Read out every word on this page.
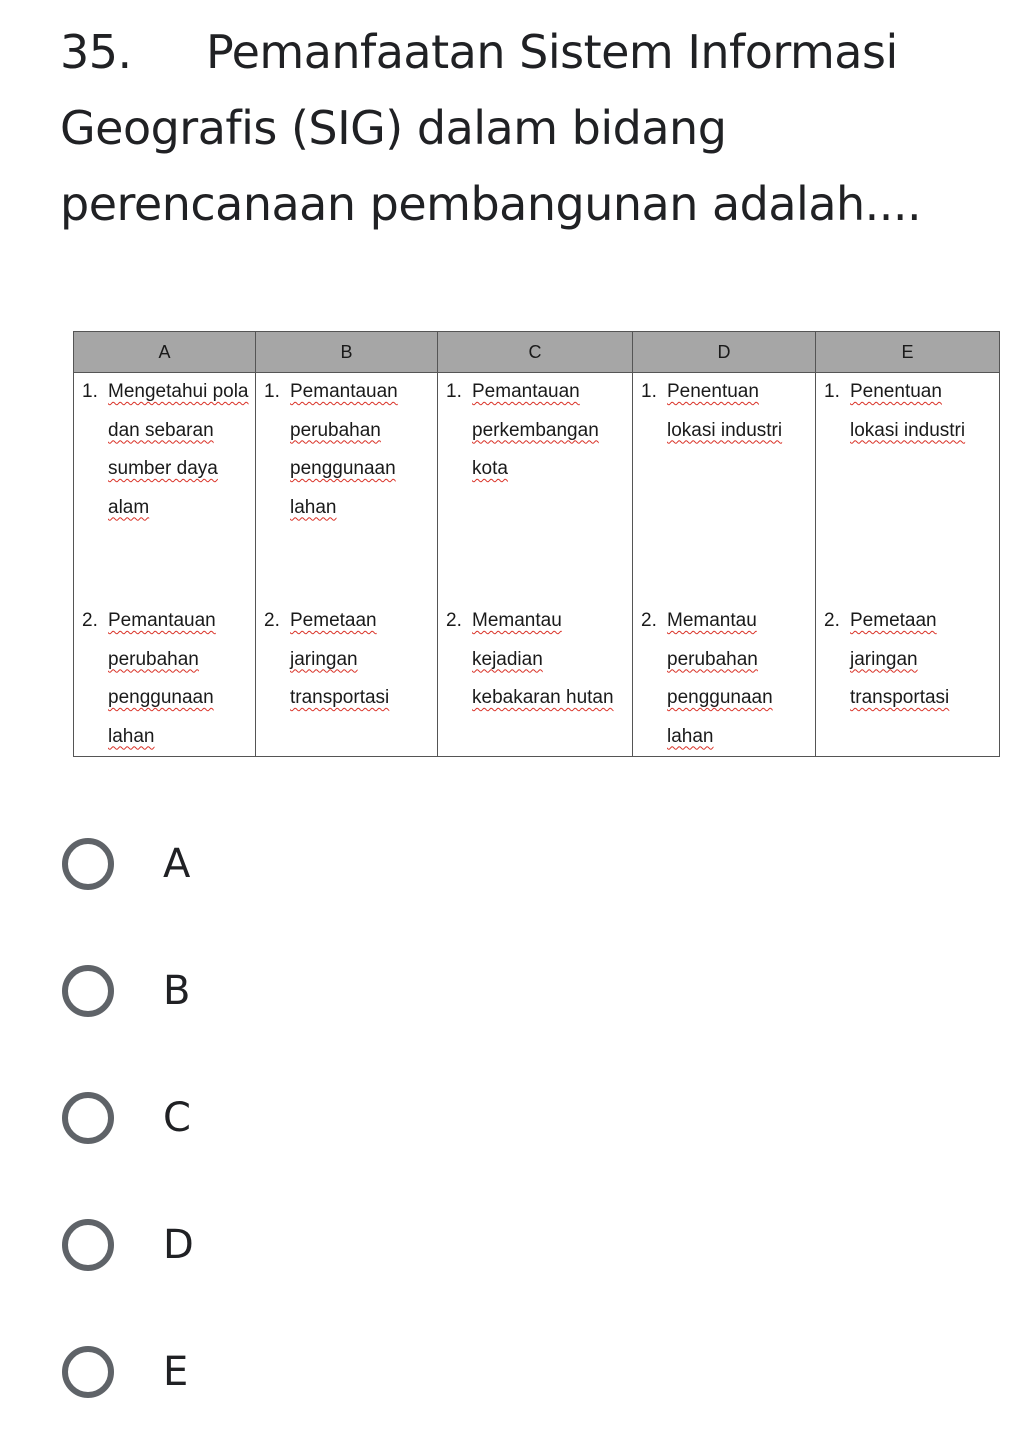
35. Pemanfaatan Sistem Informasi
Geografis (SIG) dalam bidang
perencanaan pembangunan adalah....
A	B	C	D	E

1. Mengetahui pola dan sebaran sumber daya alam
2. Pemantauan perubahan penggunaan lahan

1. Pemantauan perubahan penggunaan lahan
2. Pemetaan jaringan transportasi

1. Pemantauan perkembangan kota
2. Memantau kejadian kebakaran hutan

1. Penentuan lokasi industri
2. Memantau perubahan penggunaan lahan

1. Penentuan lokasi industri
2. Pemetaan jaringan transportasi
A
B
C
D
E
